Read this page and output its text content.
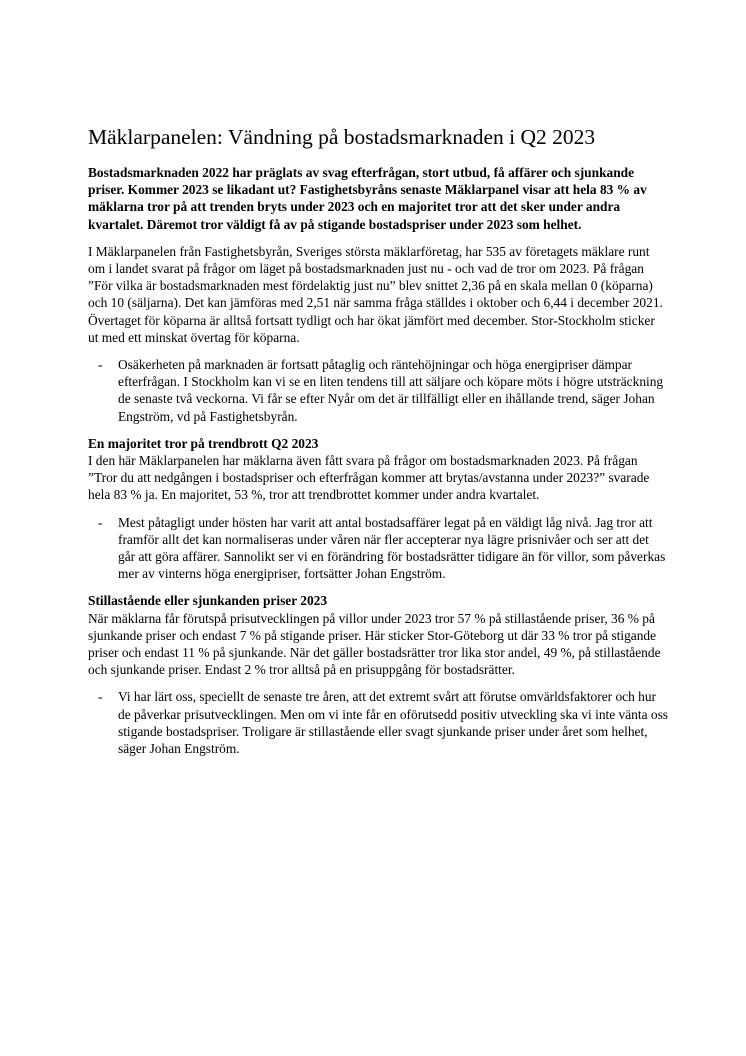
Mäklarpanelen: Vändning på bostadsmarknaden i Q2 2023

Bostadsmarknaden 2022 har präglats av svag efterfrågan, stort utbud, få affärer och sjunkande priser. Kommer 2023 se likadant ut? Fastighetsbyråns senaste Mäklarpanel visar att hela 83 % av mäklarna tror på att trenden bryts under 2023 och en majoritet tror att det sker under andra kvartalet. Däremot tror väldigt få av på stigande bostadspriser under 2023 som helhet.

I Mäklarpanelen från Fastighetsbyrån, Sveriges största mäklarföretag, har 535 av företagets mäklare runt om i landet svarat på frågor om läget på bostadsmarknaden just nu - och vad de tror om 2023. På frågan ”För vilka är bostadsmarknaden mest fördelaktig just nu” blev snittet 2,36 på en skala mellan 0 (köparna) och 10 (säljarna). Det kan jämföras med 2,51 när samma fråga ställdes i oktober och 6,44 i december 2021. Övertaget för köparna är alltså fortsatt tydligt och har ökat jämfört med december. Stor-Stockholm sticker ut med ett minskat övertag för köparna.

-	Osäkerheten på marknaden är fortsatt påtaglig och räntehöjningar och höga energipriser dämpar efterfrågan. I Stockholm kan vi se en liten tendens till att säljare och köpare möts i högre utsträckning de senaste två veckorna. Vi får se efter Nyår om det är tillfälligt eller en ihållande trend, säger Johan Engström, vd på Fastighetsbyrån.
En majoritet tror på trendbrott Q2 2023

I den här Mäklarpanelen har mäklarna även fått svara på frågor om bostadsmarknaden 2023. På frågan ”Tror du att nedgången i bostadspriser och efterfrågan kommer att brytas/avstanna under 2023?” svarade hela 83 % ja. En majoritet, 53 %, tror att trendbrottet kommer under andra kvartalet.

-	Mest påtagligt under hösten har varit att antal bostadsaffärer legat på en väldigt låg nivå. Jag tror att framför allt det kan normaliseras under våren när fler accepterar nya lägre prisnivåer och ser att det går att göra affärer. Sannolikt ser vi en förändring för bostadsrätter tidigare än för villor, som påverkas mer av vinterns höga energipriser, fortsätter Johan Engström.
Stillastående eller sjunkanden priser 2023

När mäklarna får förutspå prisutvecklingen på villor under 2023 tror 57 % på stillastående priser, 36 % på sjunkande priser och endast 7 % på stigande priser. Här sticker Stor-Göteborg ut där 33 % tror på stigande priser och endast 11 % på sjunkande. När det gäller bostadsrätter tror lika stor andel, 49 %, på stillastående och sjunkande priser. Endast 2 % tror alltså på en prisuppgång för bostadsrätter.

-	Vi har lärt oss, speciellt de senaste tre åren, att det extremt svårt att förutse omvärldsfaktorer och hur de påverkar prisutvecklingen. Men om vi inte får en oförutsedd positiv utveckling ska vi inte vänta oss stigande bostadspriser. Troligare är stillastående eller svagt sjunkande priser under året som helhet, säger Johan Engström.
